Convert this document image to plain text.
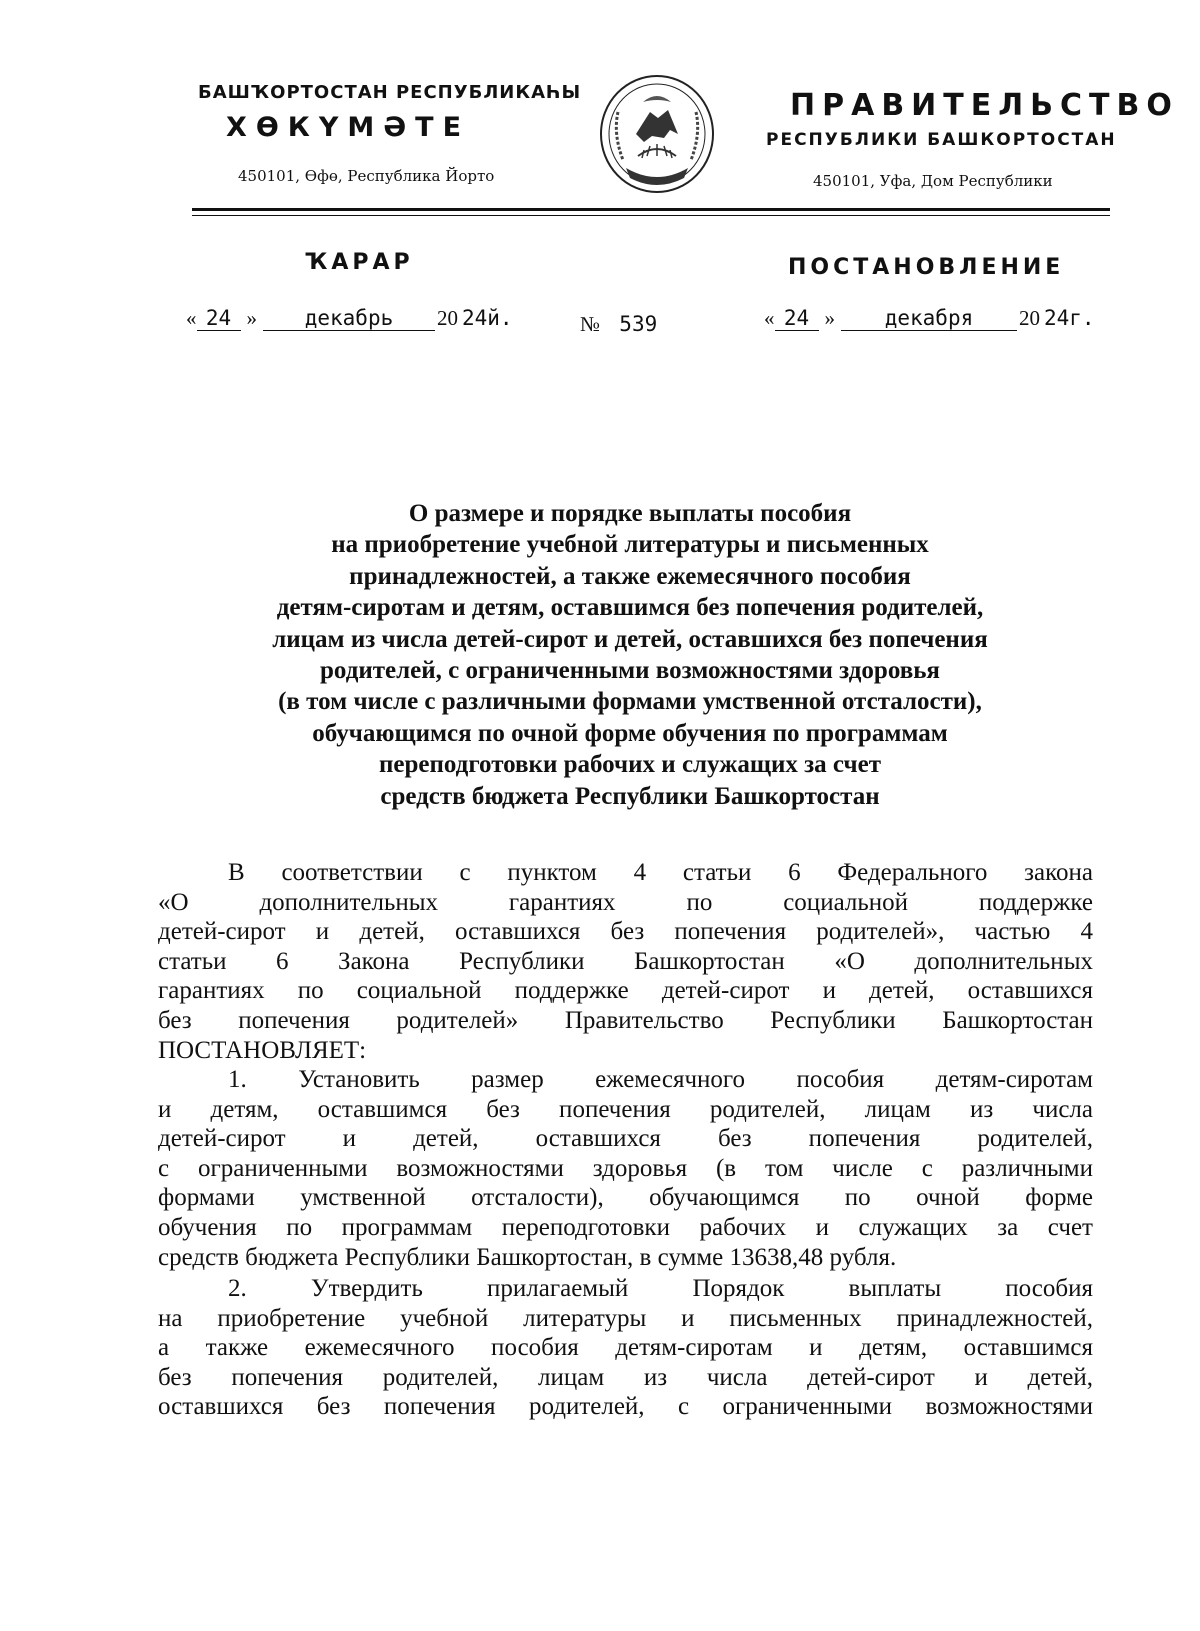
БАШҠОРТОСТАН РЕСПУБЛИКАҺЫ
ХӨКҮМӘТЕ
450101, Өфө, Республика Йорто
ПРАВИТЕЛЬСТВО
РЕСПУБЛИКИ БАШКОРТОСТАН
450101, Уфа, Дом Республики
ҠАРАР	ПОСТАНОВЛЕНИЕ
« 24 »	декабрь	20 24й.	№ 539	« 24 »	декабря	20 24г.
О размере и порядке выплаты пособия
на приобретение учебной литературы и письменных
принадлежностей, а также ежемесячного пособия
детям-сиротам и детям, оставшимся без попечения родителей,
лицам из числа детей-сирот и детей, оставшихся без попечения
родителей, с ограниченными возможностями здоровья
(в том числе с различными формами умственной отсталости),
обучающимся по очной форме обучения по программам
переподготовки рабочих и служащих за счет
средств бюджета Республики Башкортостан
В соответствии с пунктом 4 статьи 6 Федерального закона
«О дополнительных гарантиях по социальной поддержке
детей-сирот и детей, оставшихся без попечения родителей», частью 4
статьи 6 Закона Республики Башкортостан «О дополнительных
гарантиях по социальной поддержке детей-сирот и детей, оставшихся
без попечения родителей» Правительство Республики Башкортостан
ПОСТАНОВЛЯЕТ:
1. Установить размер ежемесячного пособия детям-сиротам
и детям, оставшимся без попечения родителей, лицам из числа
детей-сирот и детей, оставшихся без попечения родителей,
с ограниченными возможностями здоровья (в том числе с различными
формами умственной отсталости), обучающимся по очной форме
обучения по программам переподготовки рабочих и служащих за счет
средств бюджета Республики Башкортостан, в сумме 13638,48 рубля.
2. Утвердить прилагаемый Порядок выплаты пособия
на приобретение учебной литературы и письменных принадлежностей,
а также ежемесячного пособия детям-сиротам и детям, оставшимся
без попечения родителей, лицам из числа детей-сирот и детей,
оставшихся без попечения родителей, с ограниченными возможностями
